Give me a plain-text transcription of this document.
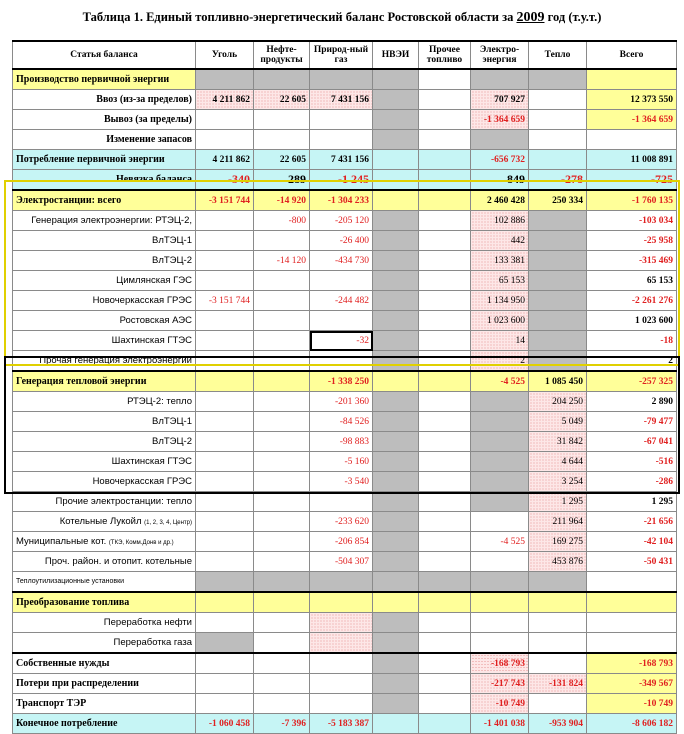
Таблица 1. Единый топливно-энергетический баланс Ростовской области за 2009 год (т.у.т.)
Статья баланса	Уголь	Нефте-продукты	Природ-ный газ	НВЭИ	Прочее топливо	Электро-энергия	Тепло	Всего
Производство первичной энергии								
Ввоз (из-за пределов)	4 211 862	22 605	7 431 156			707 927		12 373 550
Вывоз (за пределы)						-1 364 659		-1 364 659
Изменение запасов								
Потребление первичной энергии	4 211 862	22 605	7 431 156			-656 732		11 008 891
Невязка баланса	-340	289	-1 245			849	-278	-725
Электростанции: всего	-3 151 744	-14 920	-1 304 233			2 460 428	250 334	-1 760 135
Генерация электроэнергии: РТЭЦ-2,		-800	-205 120			102 886		-103 034
ВлТЭЦ-1			-26 400			442		-25 958
ВлТЭЦ-2		-14 120	-434 730			133 381		-315 469
Цимлянская ГЭС						65 153		65 153
Новочеркасская ГРЭС	-3 151 744		-244 482			1 134 950		-2 261 276
Ростовская АЭС						1 023 600		1 023 600
Шахтинская ГТЭС			-32			14		-18
Прочая генерация электроэнергии						2		2
Генерация тепловой энергии			-1 338 250			-4 525	1 085 450	-257 325
РТЭЦ-2: тепло			-201 360				204 250	2 890
ВлТЭЦ-1			-84 526				5 049	-79 477
ВлТЭЦ-2			-98 883				31 842	-67 041
Шахтинская ГТЭС			-5 160				4 644	-516
Новочеркасская ГРЭС			-3 540				3 254	-286
Прочие электростанции: тепло							1 295	1 295
Котельные Лукойл (1, 2, 3, 4, Центр)			-233 620				211 964	-21 656
Муниципальные кот. (ТКЭ, Комм.Донв и др.)			-206 854			-4 525	169 275	-42 104
Проч. район. и отопит. котельные			-504 307				453 876	-50 431
Теплоутилизационные установки								
Преобразование топлива								
Переработка нефти								
Переработка газа								
Собственные нужды						-168 793		-168 793
Потери при распределении						-217 743	-131 824	-349 567
Транспорт ТЭР						-10 749		-10 749
Конечное потребление	-1 060 458	-7 396	-5 183 387			-1 401 038	-953 904	-8 606 182
